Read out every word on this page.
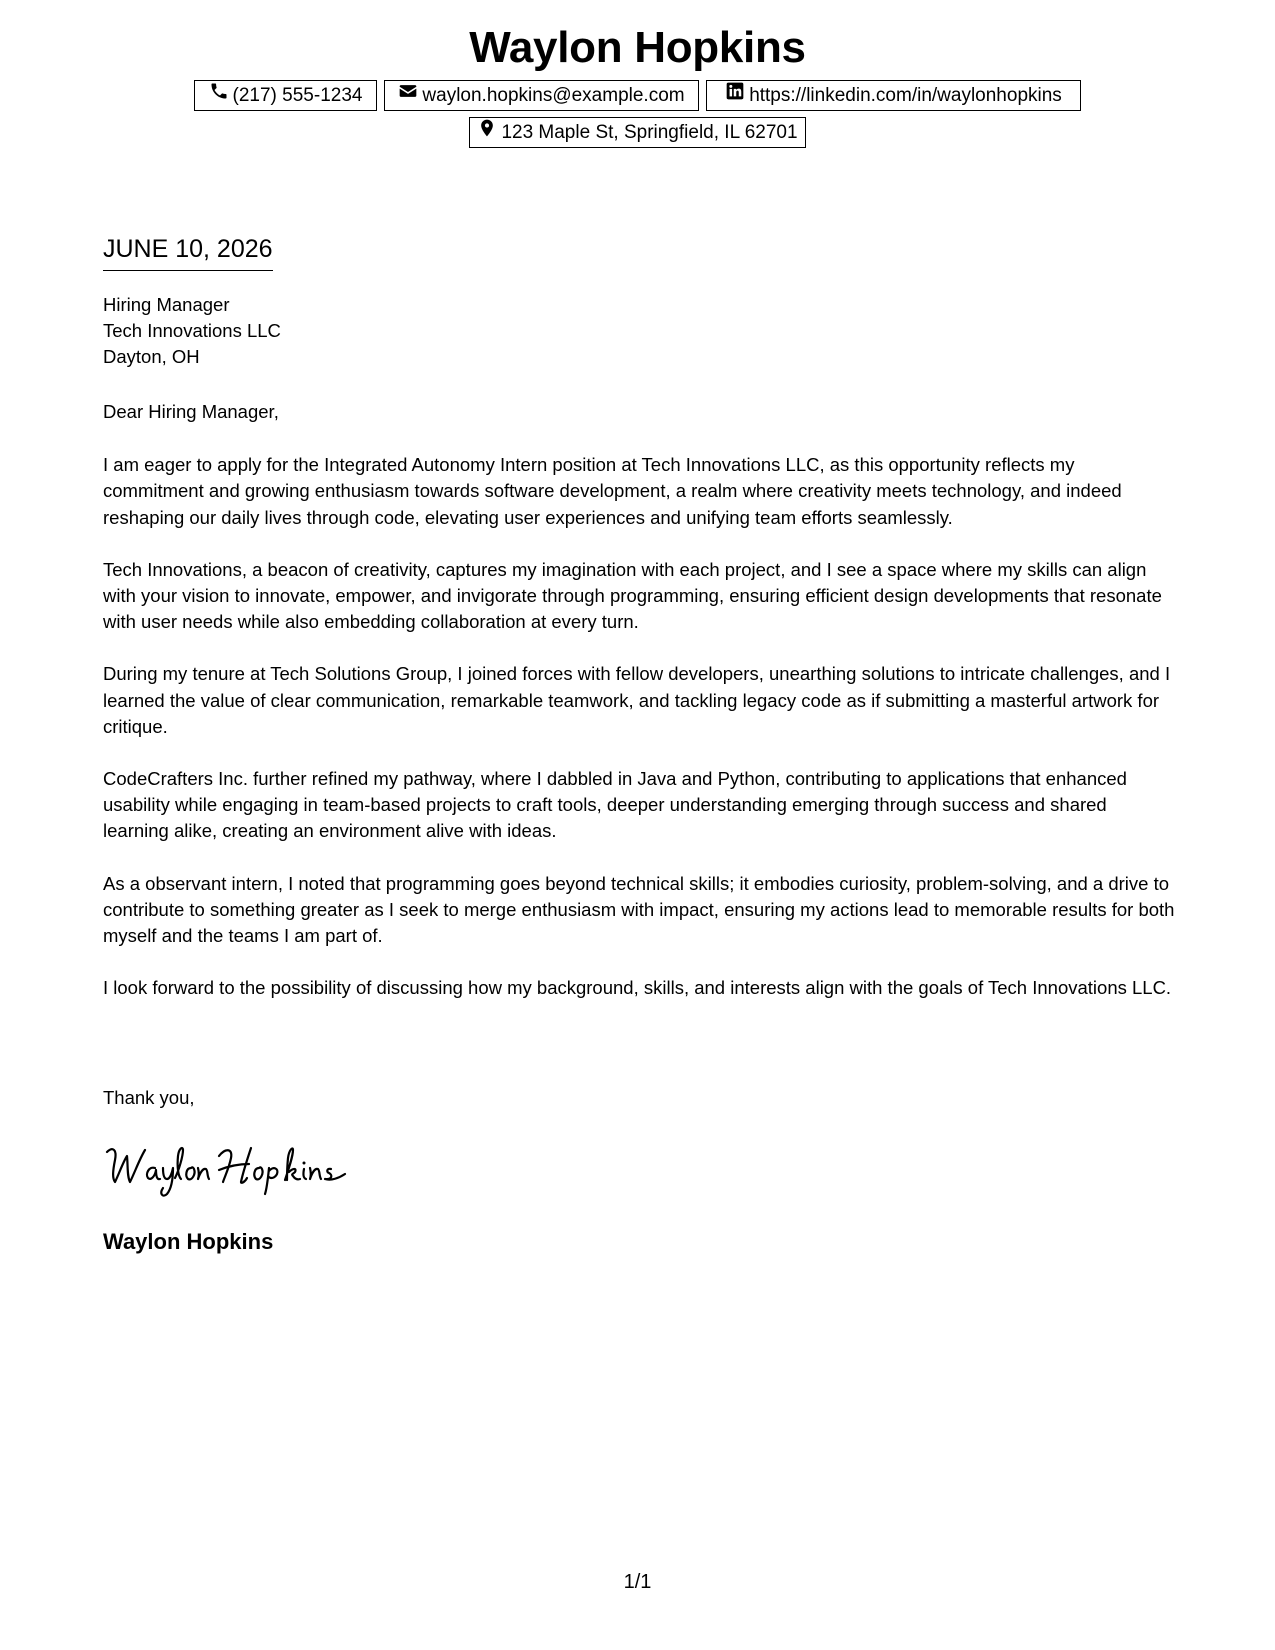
Waylon Hopkins
(217) 555-1234	waylon.hopkins@example.com	https://linkedin.com/in/waylonhopkins
123 Maple St, Springfield, IL 62701
JUNE 10, 2026
Hiring Manager
Tech Innovations LLC
Dayton, OH

Dear Hiring Manager,

I am eager to apply for the Integrated Autonomy Intern position at Tech Innovations LLC, as this opportunity reflects my commitment and growing enthusiasm towards software development, a realm where creativity meets technology, and indeed reshaping our daily lives through code, elevating user experiences and unifying team efforts seamlessly.

Tech Innovations, a beacon of creativity, captures my imagination with each project, and I see a space where my skills can align with your vision to innovate, empower, and invigorate through programming, ensuring efficient design developments that resonate with user needs while also embedding collaboration at every turn.

During my tenure at Tech Solutions Group, I joined forces with fellow developers, unearthing solutions to intricate challenges, and I learned the value of clear communication, remarkable teamwork, and tackling legacy code as if submitting a masterful artwork for critique.

CodeCrafters Inc. further refined my pathway, where I dabbled in Java and Python, contributing to applications that enhanced usability while engaging in team-based projects to craft tools, deeper understanding emerging through success and shared learning alike, creating an environment alive with ideas.

As a observant intern, I noted that programming goes beyond technical skills; it embodies curiosity, problem-solving, and a drive to contribute to something greater as I seek to merge enthusiasm with impact, ensuring my actions lead to memorable results for both myself and the teams I am part of.

I look forward to the possibility of discussing how my background, skills, and interests align with the goals of Tech Innovations LLC.

Thank you,
Waylon Hopkins
1/1
